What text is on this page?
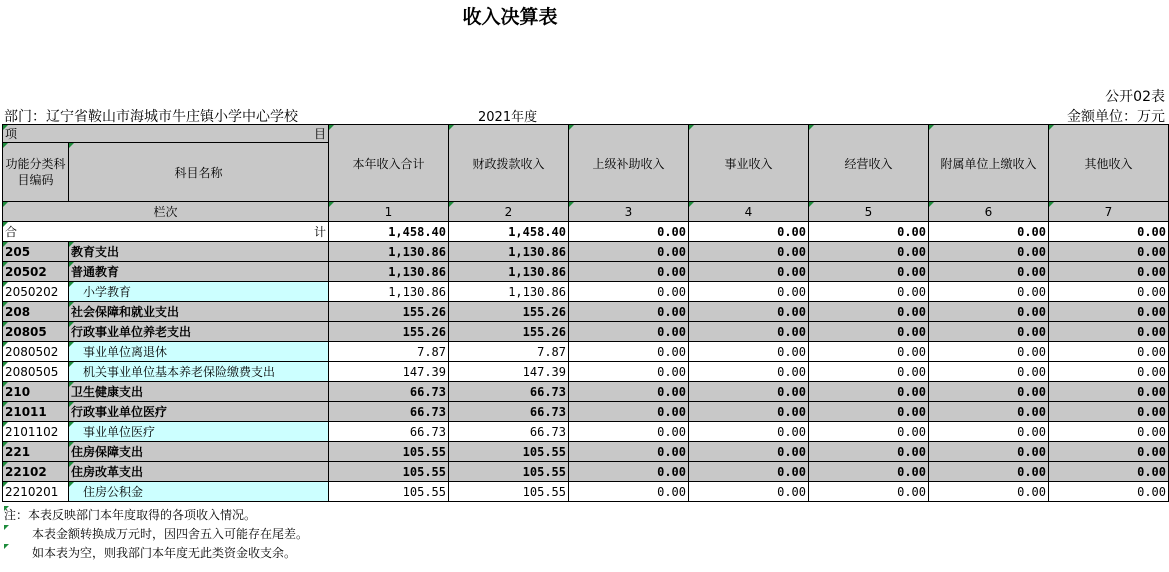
收入决算表
公开02表
部门：辽宁省鞍山市海城市牛庄镇小学中心学校	2021年度	金额单位：万元
项 目		本年收入合计	财政拨款收入	上级补助收入	事业收入	经营收入	附属单位上缴收入	其他收入
功能分类科目编码	科目名称							
栏次		1	2	3	4	5	6	7
合 计		1,458.40	1,458.40	0.00	0.00	0.00	0.00	0.00
205	教育支出	1,130.86	1,130.86	0.00	0.00	0.00	0.00	0.00
20502	普通教育	1,130.86	1,130.86	0.00	0.00	0.00	0.00	0.00
2050202	小学教育	1,130.86	1,130.86	0.00	0.00	0.00	0.00	0.00
208	社会保障和就业支出	155.26	155.26	0.00	0.00	0.00	0.00	0.00
20805	行政事业单位养老支出	155.26	155.26	0.00	0.00	0.00	0.00	0.00
2080502	事业单位离退休	7.87	7.87	0.00	0.00	0.00	0.00	0.00
2080505	机关事业单位基本养老保险缴费支出	147.39	147.39	0.00	0.00	0.00	0.00	0.00
210	卫生健康支出	66.73	66.73	0.00	0.00	0.00	0.00	0.00
21011	行政事业单位医疗	66.73	66.73	0.00	0.00	0.00	0.00	0.00
2101102	事业单位医疗	66.73	66.73	0.00	0.00	0.00	0.00	0.00
221	住房保障支出	105.55	105.55	0.00	0.00	0.00	0.00	0.00
22102	住房改革支出	105.55	105.55	0.00	0.00	0.00	0.00	0.00
2210201	住房公积金	105.55	105.55	0.00	0.00	0.00	0.00	0.00
注：本表反映部门本年度取得的各项收入情况。
本表金额转换成万元时，因四舍五入可能存在尾差。
如本表为空，则我部门本年度无此类资金收支余。
